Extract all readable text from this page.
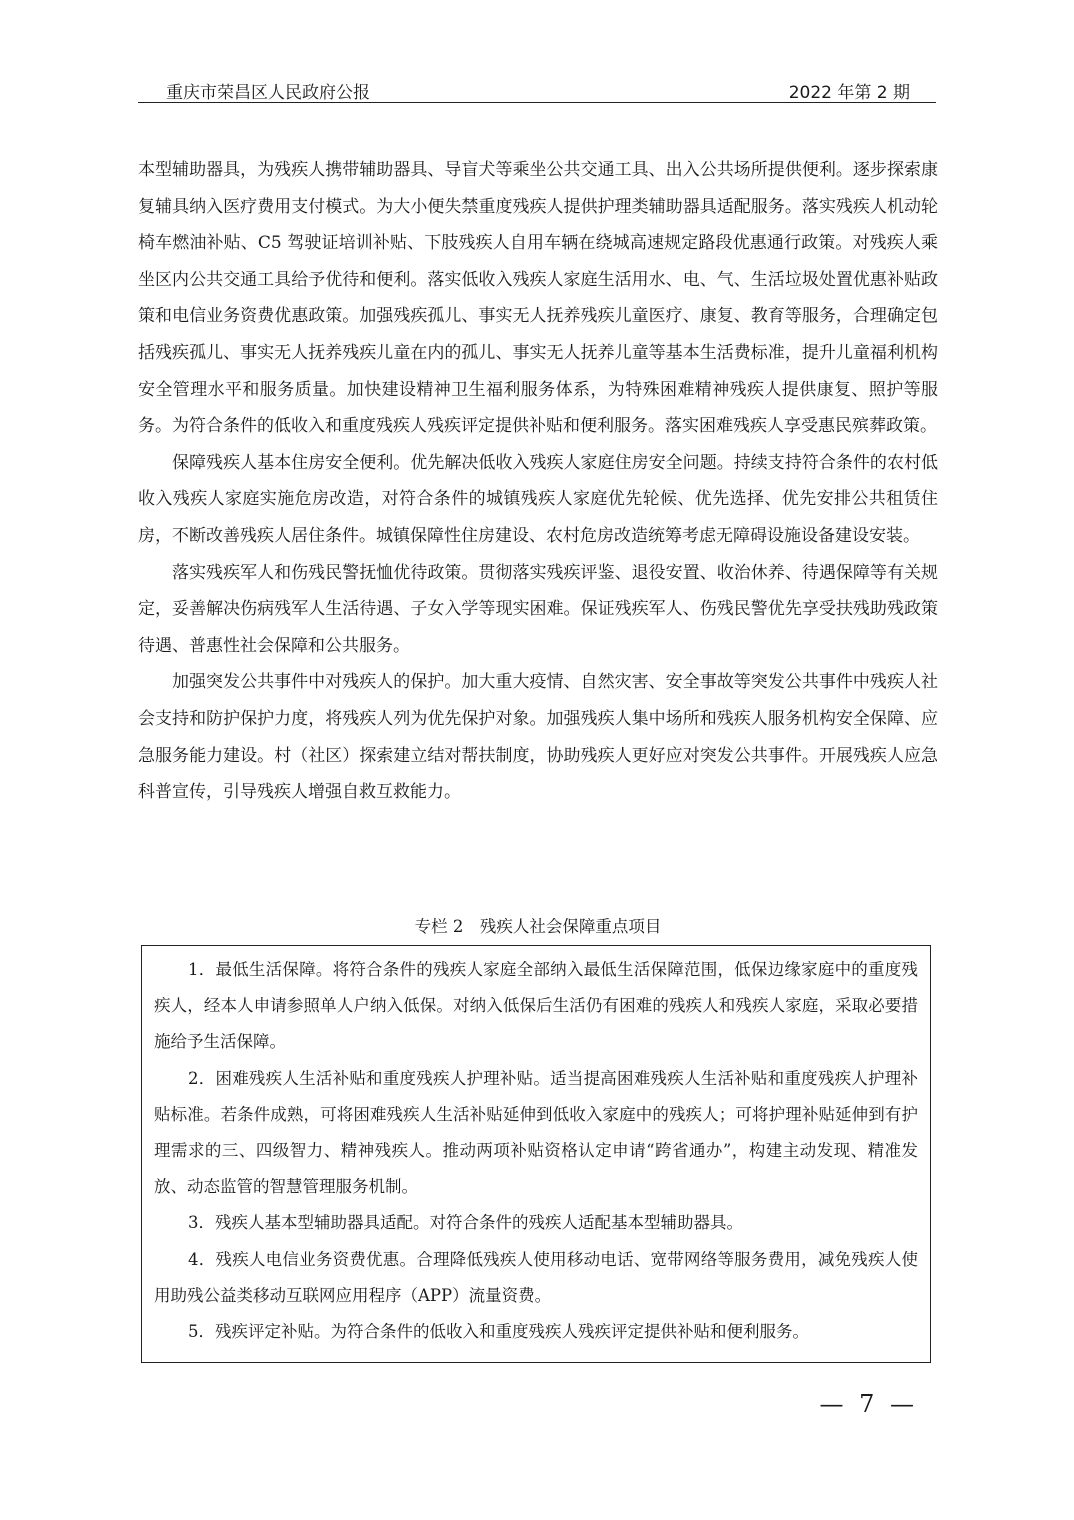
重庆市荣昌区人民政府公报	2022 年第 2 期

本型辅助器具，为残疾人携带辅助器具、导盲犬等乘坐公共交通工具、出入公共场所提供便利。逐步探索康复辅具纳入医疗费用支付模式。为大小便失禁重度残疾人提供护理类辅助器具适配服务。落实残疾人机动轮椅车燃油补贴、C5 驾驶证培训补贴、下肢残疾人自用车辆在绕城高速规定路段优惠通行政策。对残疾人乘坐区内公共交通工具给予优待和便利。落实低收入残疾人家庭生活用水、电、气、生活垃圾处置优惠补贴政策和电信业务资费优惠政策。加强残疾孤儿、事实无人抚养残疾儿童医疗、康复、教育等服务，合理确定包括残疾孤儿、事实无人抚养残疾儿童在内的孤儿、事实无人抚养儿童等基本生活费标准，提升儿童福利机构安全管理水平和服务质量。加快建设精神卫生福利服务体系，为特殊困难精神残疾人提供康复、照护等服务。为符合条件的低收入和重度残疾人残疾评定提供补贴和便利服务。落实困难残疾人享受惠民殡葬政策。

保障残疾人基本住房安全便利。优先解决低收入残疾人家庭住房安全问题。持续支持符合条件的农村低收入残疾人家庭实施危房改造，对符合条件的城镇残疾人家庭优先轮候、优先选择、优先安排公共租赁住房，不断改善残疾人居住条件。城镇保障性住房建设、农村危房改造统筹考虑无障碍设施设备建设安装。

落实残疾军人和伤残民警抚恤优待政策。贯彻落实残疾评鉴、退役安置、收治休养、待遇保障等有关规定，妥善解决伤病残军人生活待遇、子女入学等现实困难。保证残疾军人、伤残民警优先享受扶残助残政策待遇、普惠性社会保障和公共服务。

加强突发公共事件中对残疾人的保护。加大重大疫情、自然灾害、安全事故等突发公共事件中残疾人社会支持和防护保护力度，将残疾人列为优先保护对象。加强残疾人集中场所和残疾人服务机构安全保障、应急服务能力建设。村（社区）探索建立结对帮扶制度，协助残疾人更好应对突发公共事件。开展残疾人应急科普宣传，引导残疾人增强自救互救能力。

专栏 2　残疾人社会保障重点项目

1．最低生活保障。将符合条件的残疾人家庭全部纳入最低生活保障范围，低保边缘家庭中的重度残疾人，经本人申请参照单人户纳入低保。对纳入低保后生活仍有困难的残疾人和残疾人家庭，采取必要措施给予生活保障。

2．困难残疾人生活补贴和重度残疾人护理补贴。适当提高困难残疾人生活补贴和重度残疾人护理补贴标准。若条件成熟，可将困难残疾人生活补贴延伸到低收入家庭中的残疾人；可将护理补贴延伸到有护理需求的三、四级智力、精神残疾人。推动两项补贴资格认定申请“跨省通办”，构建主动发现、精准发放、动态监管的智慧管理服务机制。

3．残疾人基本型辅助器具适配。对符合条件的残疾人适配基本型辅助器具。

4．残疾人电信业务资费优惠。合理降低残疾人使用移动电话、宽带网络等服务费用，减免残疾人使用助残公益类移动互联网应用程序（APP）流量资费。

5．残疾评定补贴。为符合条件的低收入和重度残疾人残疾评定提供补贴和便利服务。

— 7 —
